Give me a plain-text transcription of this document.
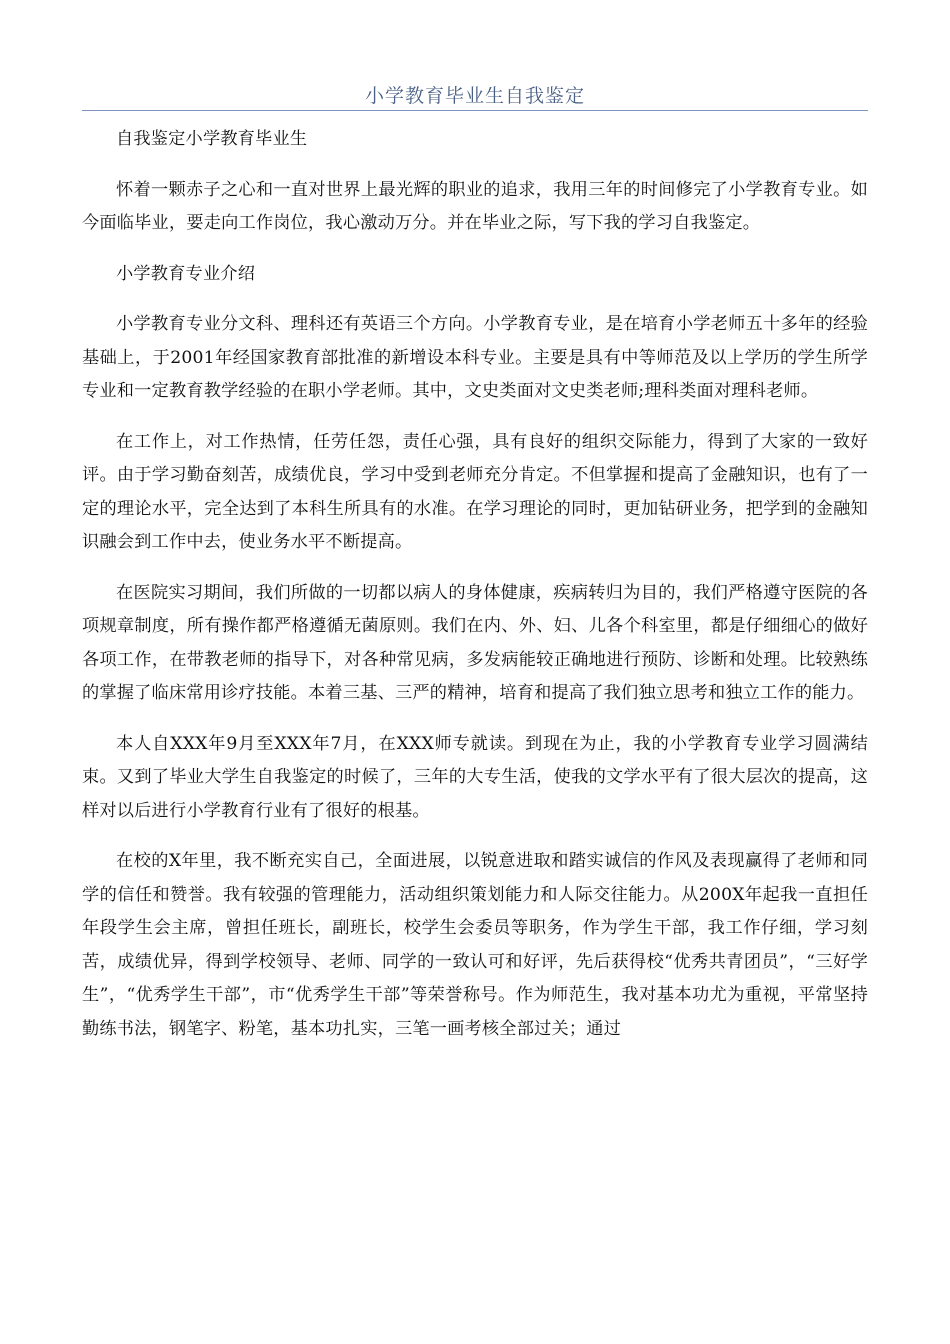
小学教育毕业生自我鉴定

自我鉴定小学教育毕业生

怀着一颗赤子之心和一直对世界上最光辉的职业的追求，我用三年的时间修完了小学教育专业。如今面临毕业，要走向工作岗位，我心激动万分。并在毕业之际，写下我的学习自我鉴定。

小学教育专业介绍

小学教育专业分文科、理科还有英语三个方向。小学教育专业，是在培育小学老师五十多年的经验基础上，于2001年经国家教育部批准的新增设本科专业。主要是具有中等师范及以上学历的学生所学专业和一定教育教学经验的在职小学老师。其中，文史类面对文史类老师;理科类面对理科老师。

在工作上，对工作热情，任劳任怨，责任心强，具有良好的组织交际能力，得到了大家的一致好评。由于学习勤奋刻苦，成绩优良，学习中受到老师充分肯定。不但掌握和提高了金融知识，也有了一定的理论水平，完全达到了本科生所具有的水准。在学习理论的同时，更加钻研业务，把学到的金融知识融会到工作中去，使业务水平不断提高。

在医院实习期间，我们所做的一切都以病人的身体健康，疾病转归为目的，我们严格遵守医院的各项规章制度，所有操作都严格遵循无菌原则。我们在内、外、妇、儿各个科室里，都是仔细细心的做好各项工作，在带教老师的指导下，对各种常见病，多发病能较正确地进行预防、诊断和处理。比较熟练的掌握了临床常用诊疗技能。本着三基、三严的精神，培育和提高了我们独立思考和独立工作的能力。

本人自XXX年9月至XXX年7月，在XXX师专就读。到现在为止，我的小学教育专业学习圆满结束。又到了毕业大学生自我鉴定的时候了，三年的大专生活，使我的文学水平有了很大层次的提高，这样对以后进行小学教育行业有了很好的根基。

在校的X年里，我不断充实自己，全面进展，以锐意进取和踏实诚信的作风及表现赢得了老师和同学的信任和赞誉。我有较强的管理能力，活动组织策划能力和人际交往能力。从200X年起我一直担任年段学生会主席，曾担任班长，副班长，校学生会委员等职务，作为学生干部，我工作仔细，学习刻苦，成绩优异，得到学校领导、老师、同学的一致认可和好评，先后获得校“优秀共青团员”，“三好学生”，“优秀学生干部”，市“优秀学生干部”等荣誉称号。作为师范生，我对基本功尤为重视，平常坚持勤练书法，钢笔字、粉笔，基本功扎实，三笔一画考核全部过关；通过
